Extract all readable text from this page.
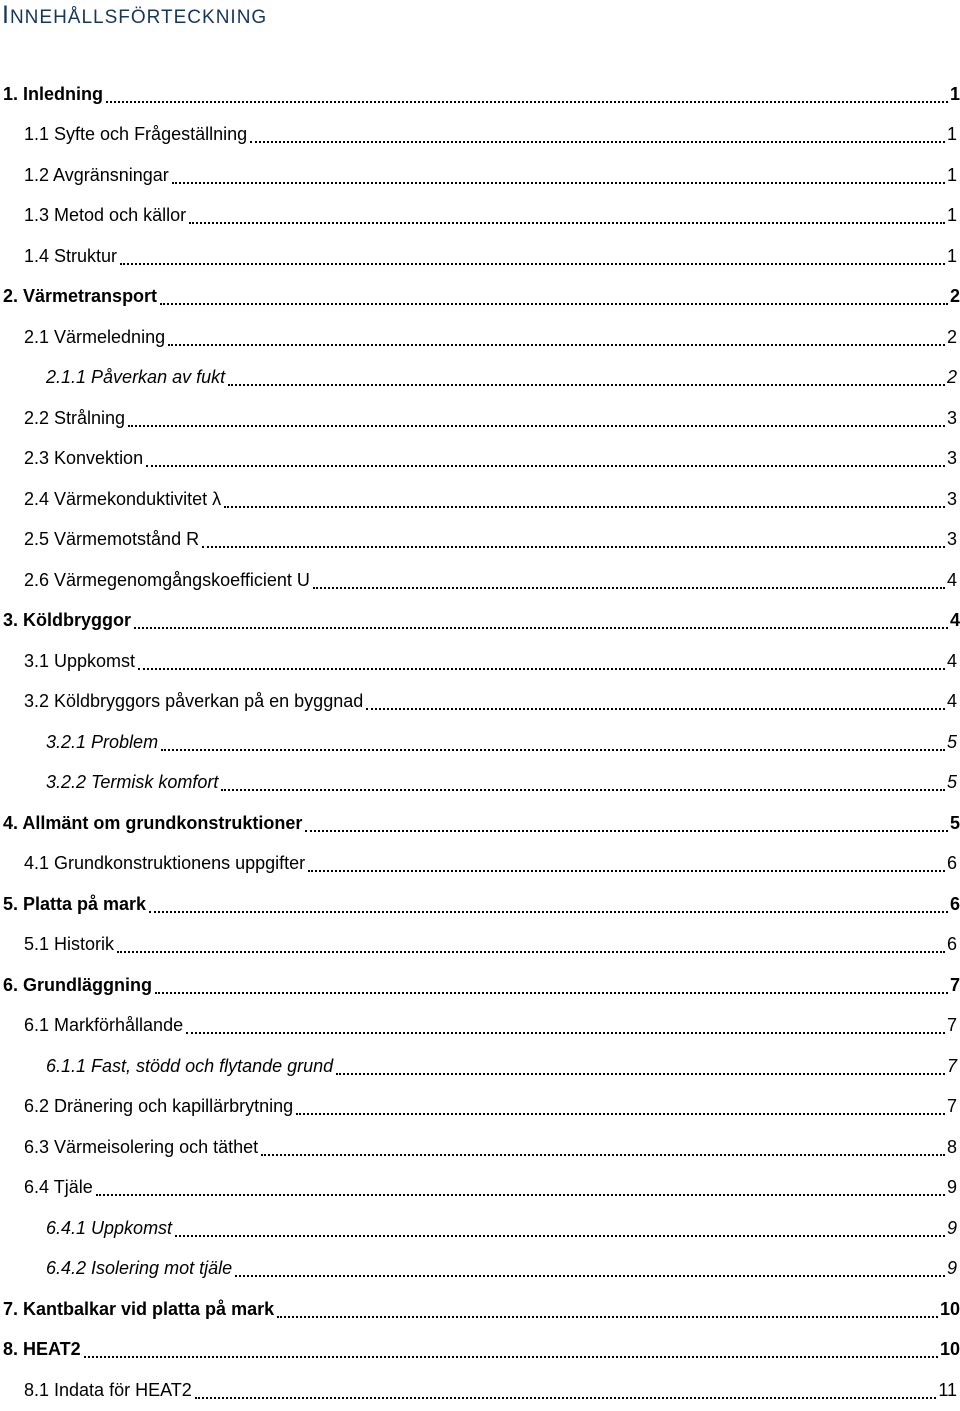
INNEHÅLLSFÖRTECKNING
1. Inledning	1
1.1 Syfte och Frågeställning	1
1.2 Avgränsningar	1
1.3 Metod och källor	1
1.4 Struktur	1
2. Värmetransport	2
2.1 Värmeledning	2
2.1.1 Påverkan av fukt	2
2.2 Strålning	3
2.3 Konvektion	3
2.4 Värmekonduktivitet λ	3
2.5 Värmemotstånd R	3
2.6 Värmegenomgångskoefficient U	4
3. Köldbryggor	4
3.1 Uppkomst	4
3.2 Köldbryggors påverkan på en byggnad	4
3.2.1 Problem	5
3.2.2 Termisk komfort	5
4. Allmänt om grundkonstruktioner	5
4.1 Grundkonstruktionens uppgifter	6
5. Platta på mark	6
5.1 Historik	6
6. Grundläggning	7
6.1 Markförhållande	7
6.1.1 Fast, stödd och flytande grund	7
6.2 Dränering och kapillärbrytning	7
6.3 Värmeisolering och täthet	8
6.4 Tjäle	9
6.4.1 Uppkomst	9
6.4.2 Isolering mot tjäle	9
7. Kantbalkar vid platta på mark	10
8. HEAT2	10
8.1 Indata för HEAT2	11
